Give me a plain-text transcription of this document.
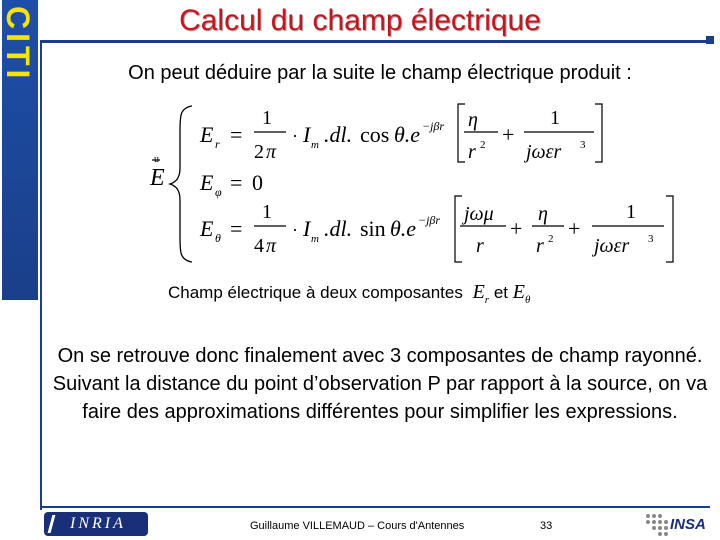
CITI	Calcul du champ électrique
On peut déduire par la suite le champ électrique produit :
E
u
E r =
1
2 π
· I m .dl. cos θ.e −jβr η
r 2 +
1
jωεr 3
E φ = 0
E θ =
1
4 π
· I m .dl. sin θ.e −jβr jωμ
r
+
η
r 2 +
1
jωεr 3
Champ électrique à deux composantes  $E_r$ et $E_\theta$
On se retrouve donc finalement avec 3 composantes de champ rayonné.
Suivant la distance du point d’observation P par rapport à la source, on va faire des approximations différentes pour simplifier les expressions.
INRIA	Guillaume VILLEMAUD – Cours d'Antennes	33	INSA
